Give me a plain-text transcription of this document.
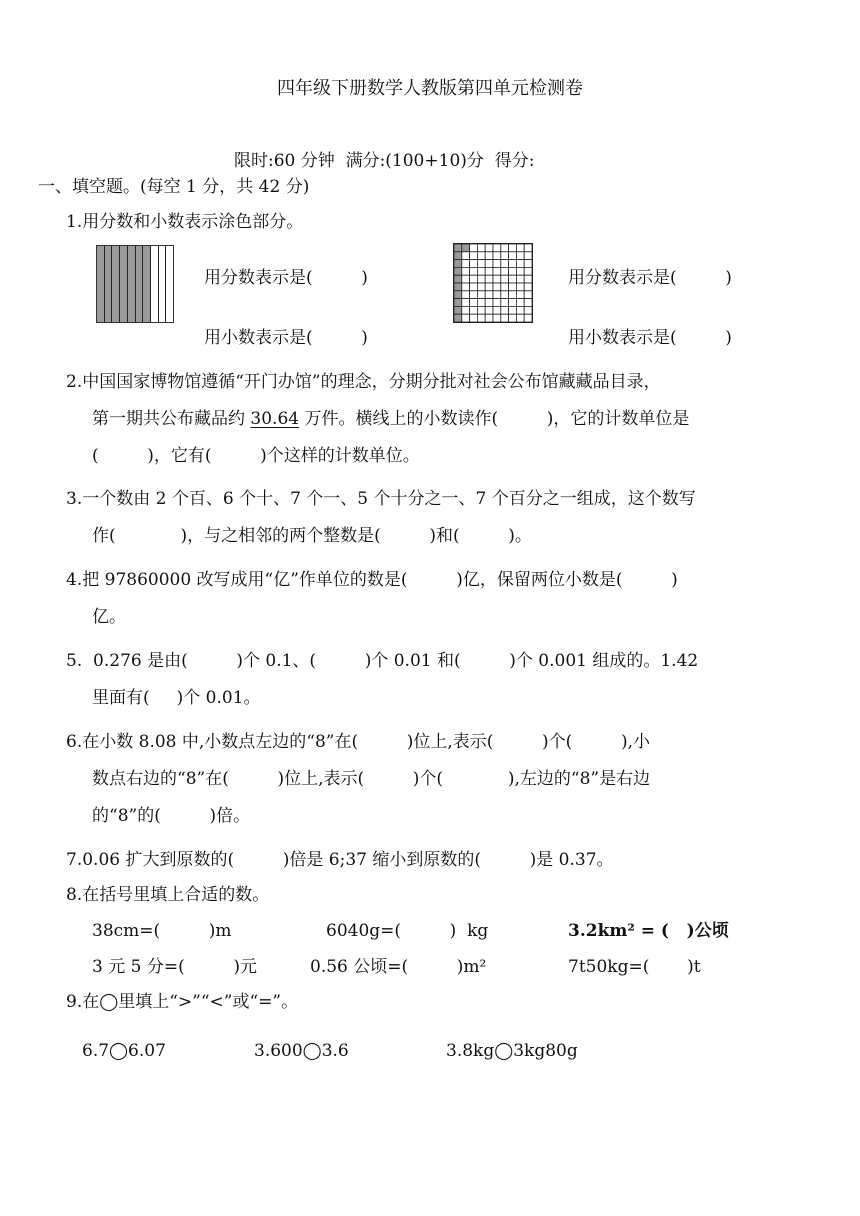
四年级下册数学人教版第四单元检测卷
限时:60 分钟  满分:(100+10)分  得分:
一、填空题。(每空 1 分，共 42 分)
1.用分数和小数表示涂色部分。
用分数表示是(         )
用小数表示是(         )
用分数表示是(         )
用小数表示是(         )
2.中国国家博物馆遵循“开门办馆”的理念，分期分批对社会公布馆藏藏品目录，
第一期共公布藏品约 30.64 万件。横线上的小数读作(         )，它的计数单位是
(         )，它有(         )个这样的计数单位。
3.一个数由 2 个百、6 个十、7 个一、5 个十分之一、7 个百分之一组成，这个数写
作(            )，与之相邻的两个整数是(         )和(         )。
4.把 97860000 改写成用“亿”作单位的数是(         )亿，保留两位小数是(         )
亿。
5.  0.276 是由(         )个 0.1、(         )个 0.01 和(         )个 0.001 组成的。1.42
里面有(     )个 0.01。
6.在小数 8.08 中,小数点左边的“8”在(         )位上,表示(         )个(         ),小
数点右边的“8”在(         )位上,表示(         )个(            ),左边的“8”是右边
的“8”的(         )倍。
7.0.06 扩大到原数的(         )倍是 6;37 缩小到原数的(         )是 0.37。
8.在括号里填上合适的数。
38cm=(         )m	6040g=(         )  kg	3.2km² = (   )公顷
3 元 5 分=(         )元	0.56 公顷=(         )m²	7t50kg=(       )t
9.在◯里填上“>”“<”或“=”。
6.7◯6.07	3.600◯3.6	3.8kg◯3kg80g
